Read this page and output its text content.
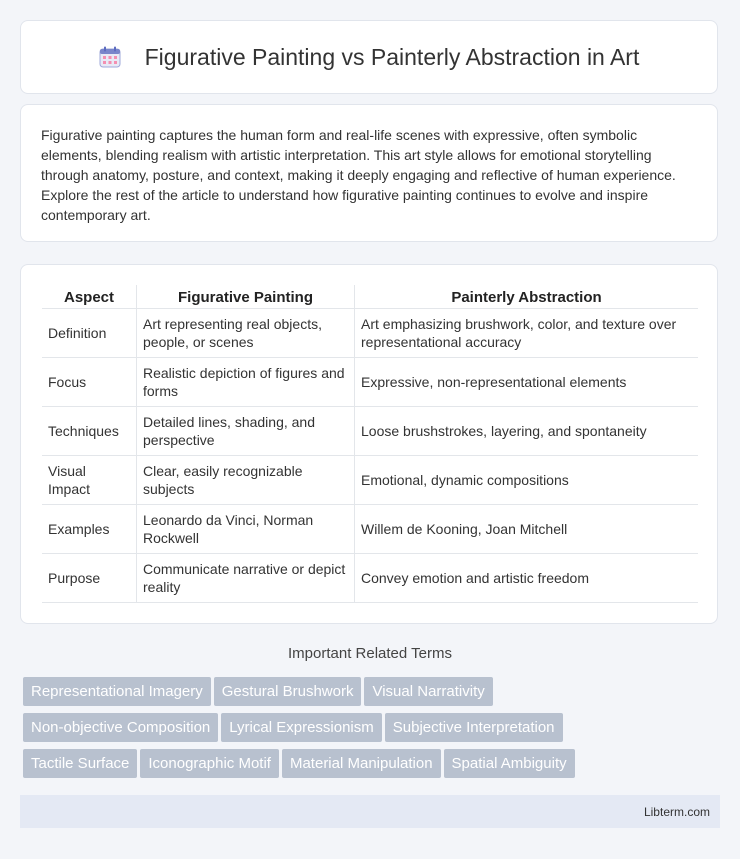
Figurative Painting vs Painterly Abstraction in Art

Figurative painting captures the human form and real-life scenes with expressive, often symbolic elements, blending realism with artistic interpretation. This art style allows for emotional storytelling through anatomy, posture, and context, making it deeply engaging and reflective of human experience. Explore the rest of the article to understand how figurative painting continues to evolve and inspire contemporary art.

Aspect	Figurative Painting	Painterly Abstraction
Definition	Art representing real objects, people, or scenes	Art emphasizing brushwork, color, and texture over representational accuracy
Focus	Realistic depiction of figures and forms	Expressive, non-representational elements
Techniques	Detailed lines, shading, and perspective	Loose brushstrokes, layering, and spontaneity
Visual Impact	Clear, easily recognizable subjects	Emotional, dynamic compositions
Examples	Leonardo da Vinci, Norman Rockwell	Willem de Kooning, Joan Mitchell
Purpose	Communicate narrative or depict reality	Convey emotion and artistic freedom
Important Related Terms
Representational Imagery Gestural Brushwork Visual Narrativity
Non-objective Composition Lyrical Expressionism Subjective Interpretation
Tactile Surface Iconographic Motif Material Manipulation Spatial Ambiguity
Libterm.com
